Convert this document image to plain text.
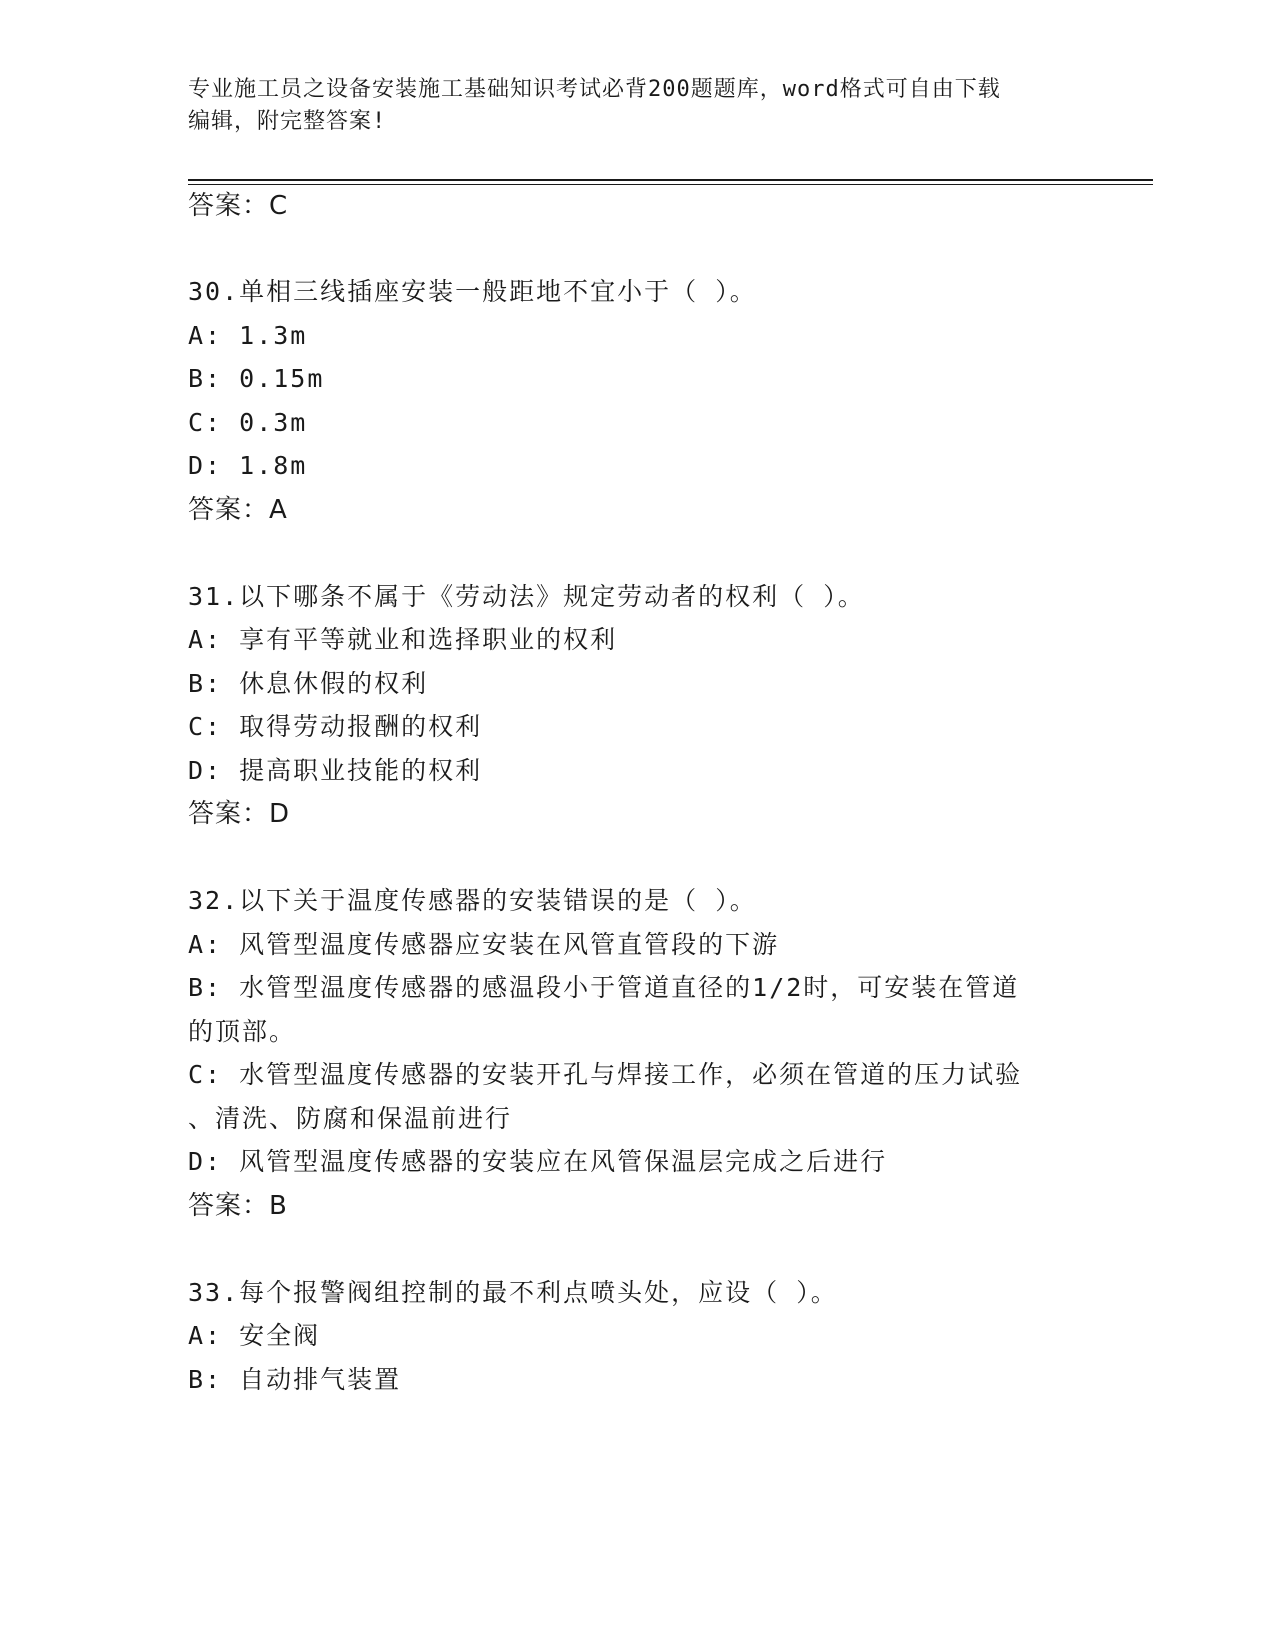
专业施工员之设备安装施工基础知识考试必背200题题库，word格式可自由下载
编辑，附完整答案!
答案：C
30.单相三线插座安装一般距地不宜小于（ ）。
A: 1.3m
B: 0.15m
C: 0.3m
D: 1.8m
答案：A
31.以下哪条不属于《劳动法》规定劳动者的权利（ ）。
A: 享有平等就业和选择职业的权利
B: 休息休假的权利
C: 取得劳动报酬的权利
D: 提高职业技能的权利
答案：D
32.以下关于温度传感器的安装错误的是（ ）。
A: 风管型温度传感器应安装在风管直管段的下游
B: 水管型温度传感器的感温段小于管道直径的1/2时，可安装在管道
的顶部。
C: 水管型温度传感器的安装开孔与焊接工作，必须在管道的压力试验
、清洗、防腐和保温前进行
D: 风管型温度传感器的安装应在风管保温层完成之后进行
答案：B
33.每个报警阀组控制的最不利点喷头处，应设（ ）。
A: 安全阀
B: 自动排气装置
